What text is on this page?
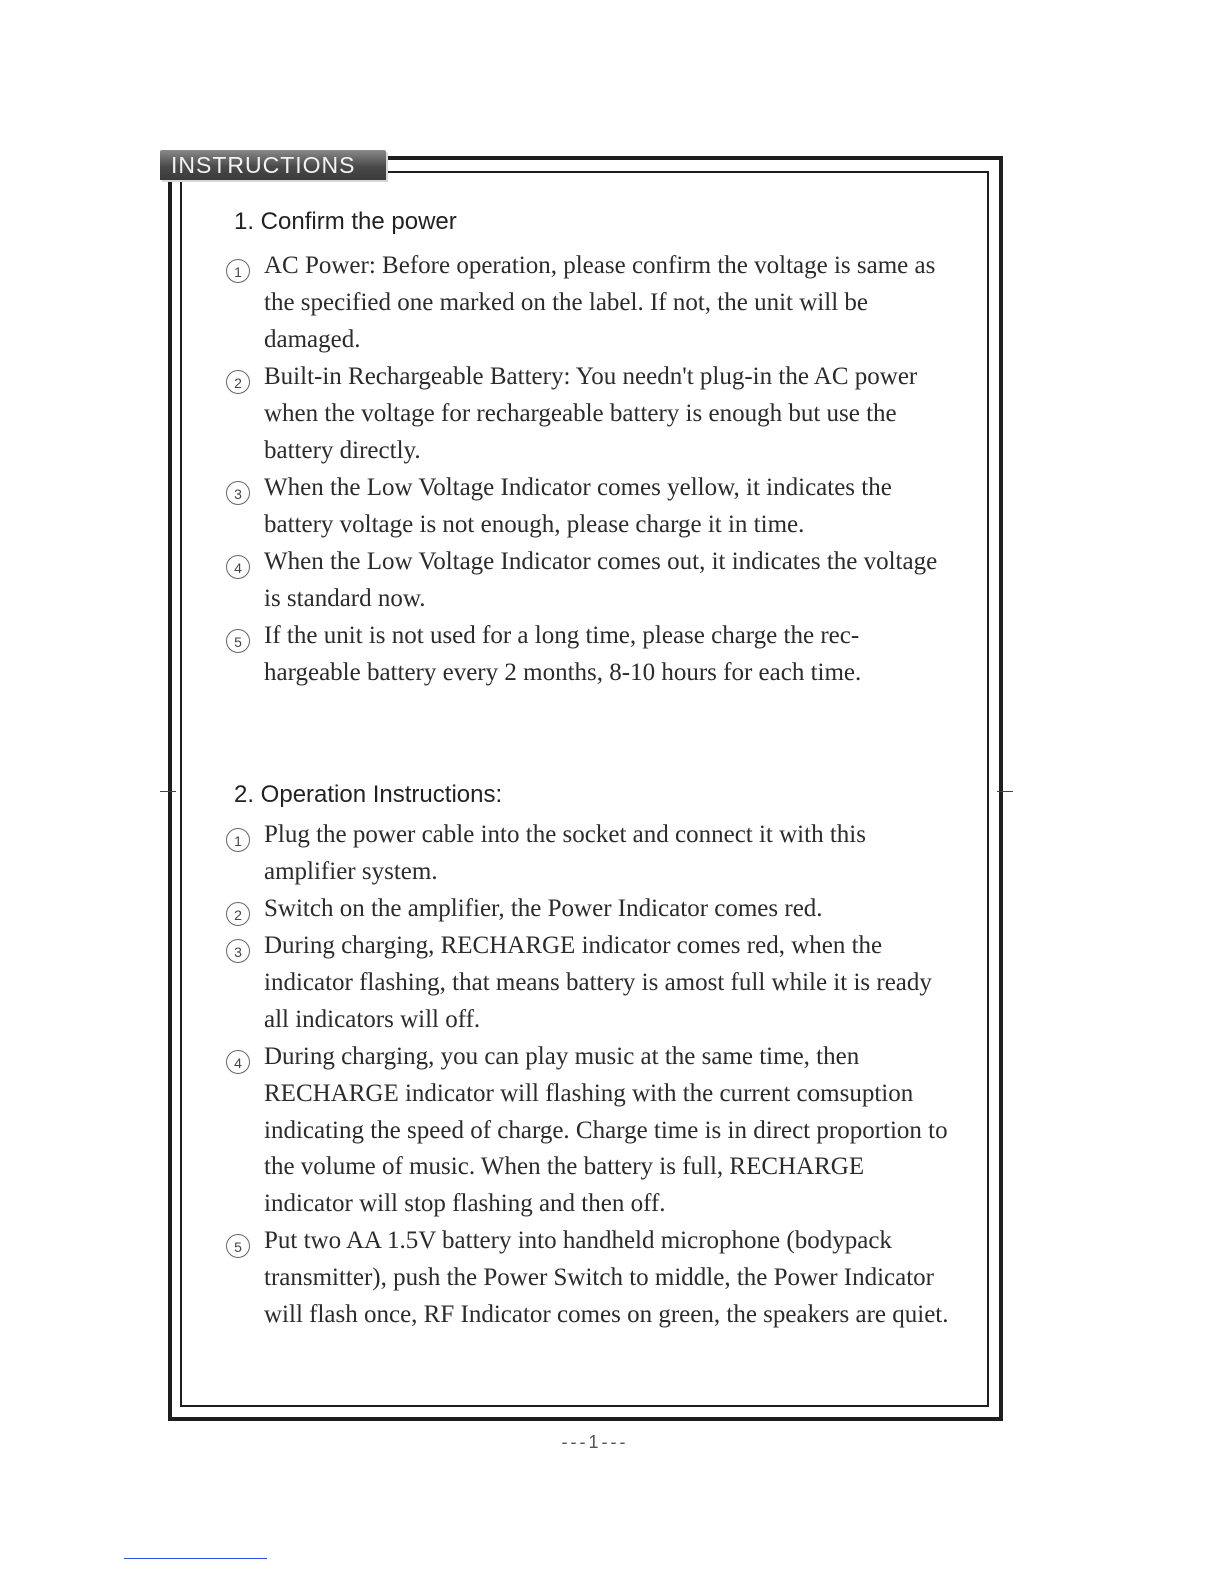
INSTRUCTIONS
1. Confirm the power
1 AC Power: Before operation, please confirm the voltage is same as the specified one marked on the label. If not, the unit will be damaged.
2 Built-in Rechargeable Battery: You needn't plug-in the AC power when the voltage for rechargeable battery is enough but use the battery directly.
3 When the Low Voltage Indicator comes yellow, it indicates the battery voltage is not enough, please charge it in time.
4 When the Low Voltage Indicator comes out, it indicates the voltage is standard now.
5 If the unit is not used for a long time, please charge the rec-hargeable battery every 2 months, 8-10 hours for each time.
2. Operation Instructions:
1 Plug the power cable into the socket and connect it with this amplifier system.
2 Switch on the amplifier, the Power Indicator comes red.
3 During charging, RECHARGE indicator comes red, when the indicator flashing, that means battery is amost full while it is ready all indicators will off.
4 During charging, you can play music at the same time, then RECHARGE indicator will flashing with the current comsuption indicating the speed of charge. Charge time is in direct proportion to the volume of music. When the battery is full, RECHARGE indicator will stop flashing and then off.
5 Put two AA 1.5V battery into handheld microphone (bodypack transmitter), push the Power Switch to middle, the Power Indicator will flash once, RF Indicator comes on green, the speakers are quiet.
---1---
